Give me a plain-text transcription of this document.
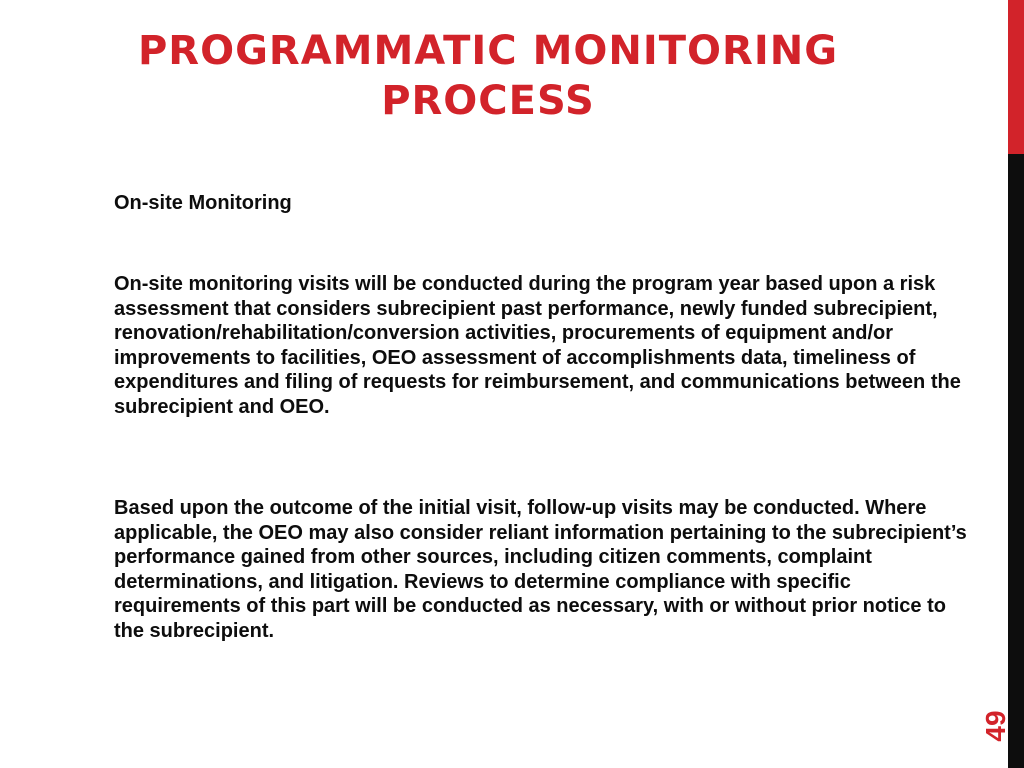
PROGRAMMATIC MONITORING PROCESS

On-site Monitoring

On-site monitoring visits will be conducted during the program year based upon a risk assessment that considers subrecipient past performance, newly funded subrecipient, renovation/rehabilitation/conversion activities, procurements of equipment and/or improvements to facilities, OEO assessment of accomplishments data, timeliness of expenditures and filing of requests for reimbursement, and communications between the subrecipient and OEO.

Based upon the outcome of the initial visit, follow-up visits may be conducted. Where applicable, the OEO may also consider reliant information pertaining to the subrecipient’s performance gained from other sources, including citizen comments, complaint determinations, and litigation. Reviews to determine compliance with specific requirements of this part will be conducted as necessary, with or without prior notice to the subrecipient.

49
